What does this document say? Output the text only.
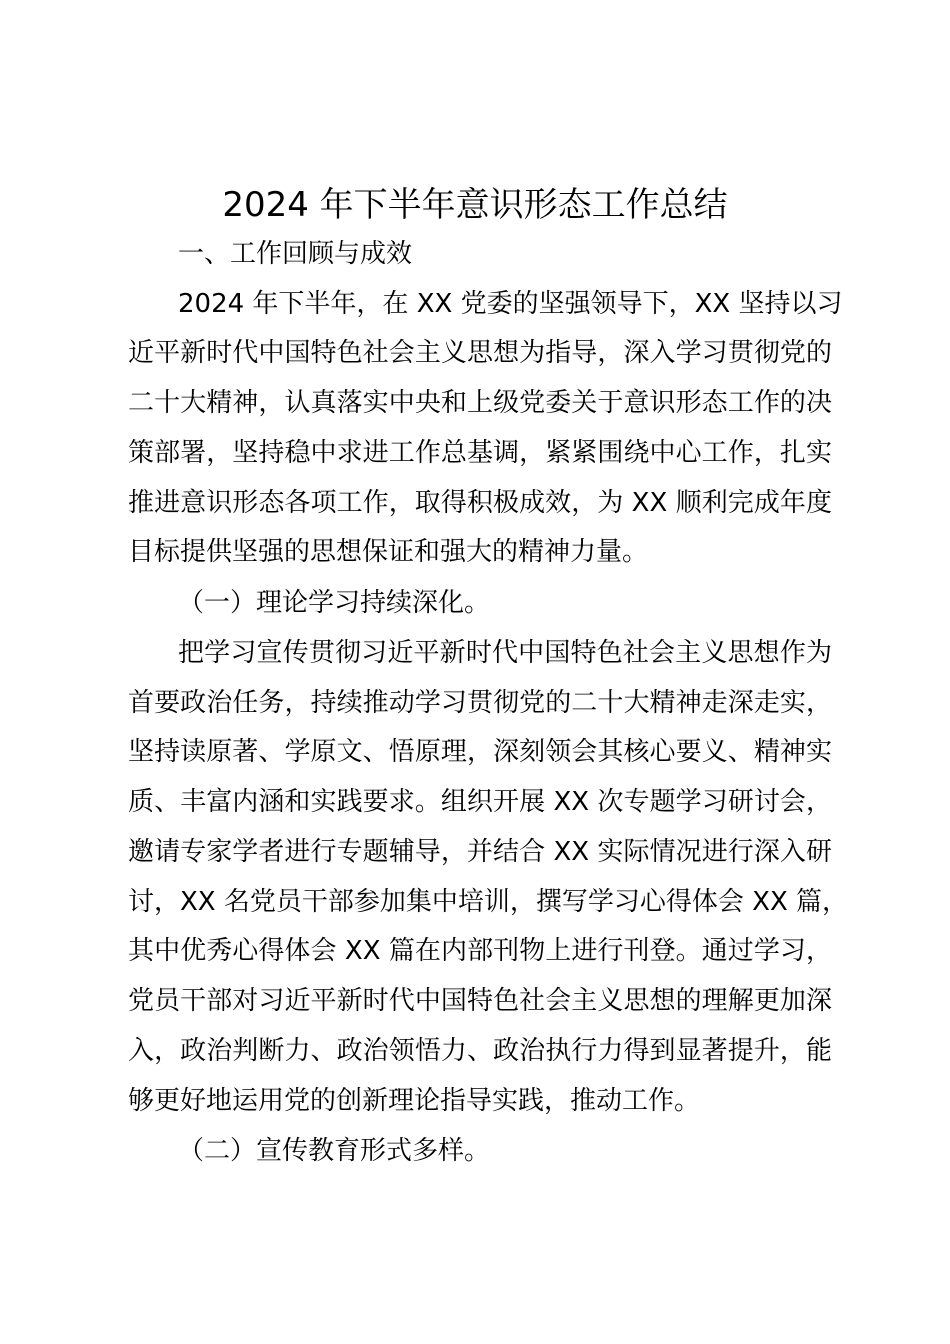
2024 年下半年意识形态工作总结
一、工作回顾与成效
2024 年下半年，在 XX 党委的坚强领导下，XX 坚持以习
近平新时代中国特色社会主义思想为指导，深入学习贯彻党的
二十大精神，认真落实中央和上级党委关于意识形态工作的决
策部署，坚持稳中求进工作总基调，紧紧围绕中心工作，扎实
推进意识形态各项工作，取得积极成效，为 XX 顺利完成年度
目标提供坚强的思想保证和强大的精神力量。
（一）理论学习持续深化。
把学习宣传贯彻习近平新时代中国特色社会主义思想作为
首要政治任务，持续推动学习贯彻党的二十大精神走深走实，
坚持读原著、学原文、悟原理，深刻领会其核心要义、精神实
质、丰富内涵和实践要求。组织开展 XX 次专题学习研讨会，
邀请专家学者进行专题辅导，并结合 XX 实际情况进行深入研
讨，XX 名党员干部参加集中培训，撰写学习心得体会 XX 篇，
其中优秀心得体会 XX 篇在内部刊物上进行刊登。通过学习，
党员干部对习近平新时代中国特色社会主义思想的理解更加深
入，政治判断力、政治领悟力、政治执行力得到显著提升，能
够更好地运用党的创新理论指导实践，推动工作。
（二）宣传教育形式多样。
